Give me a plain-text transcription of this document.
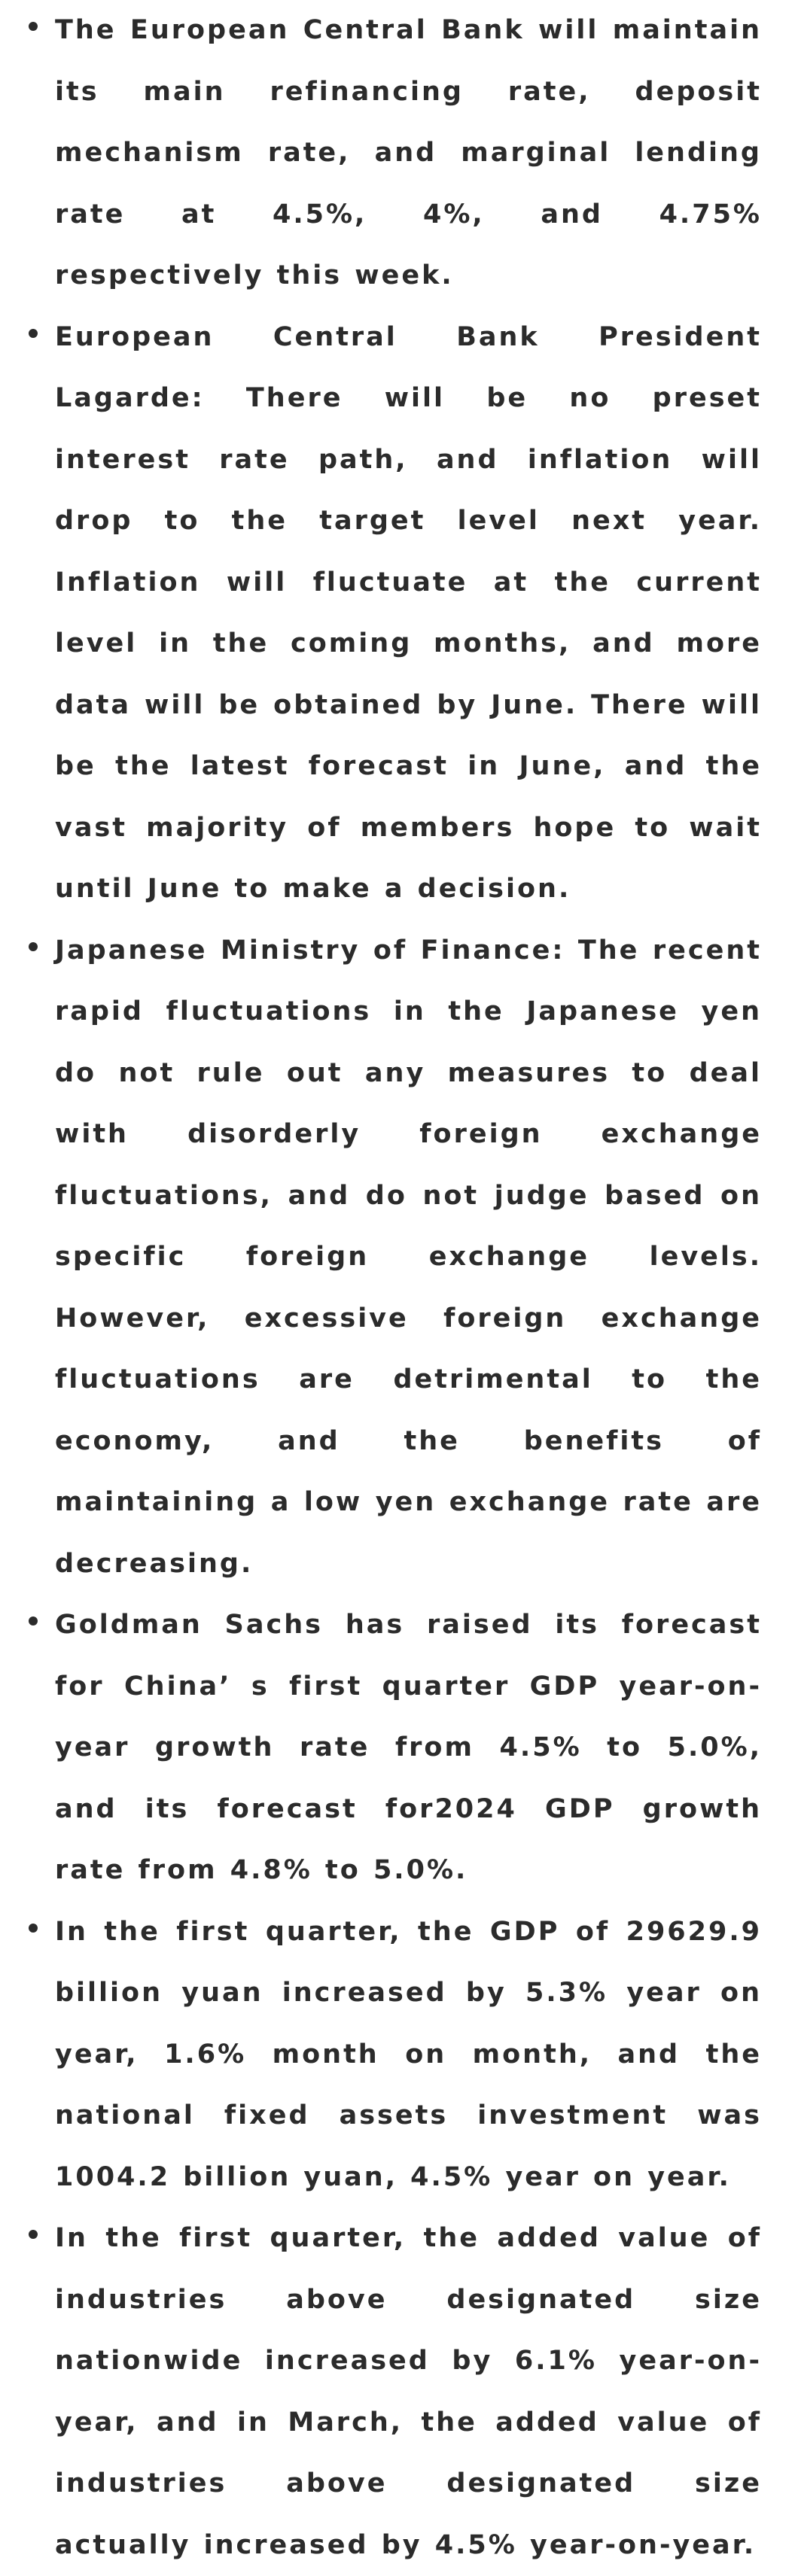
The European Central Bank will maintain its main refinancing rate, deposit mechanism rate, and marginal lending rate at 4.5%, 4%, and 4.75% respectively this week.

European Central Bank President Lagarde: There will be no preset interest rate path, and inflation will drop to the target level next year. Inflation will fluctuate at the current level in the coming months, and more data will be obtained by June. There will be the latest forecast in June, and the vast majority of members hope to wait until June to make a decision.

Japanese Ministry of Finance: The recent rapid fluctuations in the Japanese yen do not rule out any measures to deal with disorderly foreign exchange fluctuations, and do not judge based on specific foreign exchange levels. However, excessive foreign exchange fluctuations are detrimental to the economy, and the benefits of maintaining a low yen exchange rate are decreasing.

Goldman Sachs has raised its forecast for China’ s first quarter GDP year-on-year growth rate from 4.5% to 5.0%, and its forecast for2024 GDP growth rate from 4.8% to 5.0%.

In the first quarter, the GDP of 29629.9 billion yuan increased by 5.3% year on year, 1.6% month on month, and the national fixed assets investment was 1004.2 billion yuan, 4.5% year on year.

In the first quarter, the added value of industries above designated size nationwide increased by 6.1% year-on-year, and in March, the added value of industries above designated size actually increased by 4.5% year-on-year.
